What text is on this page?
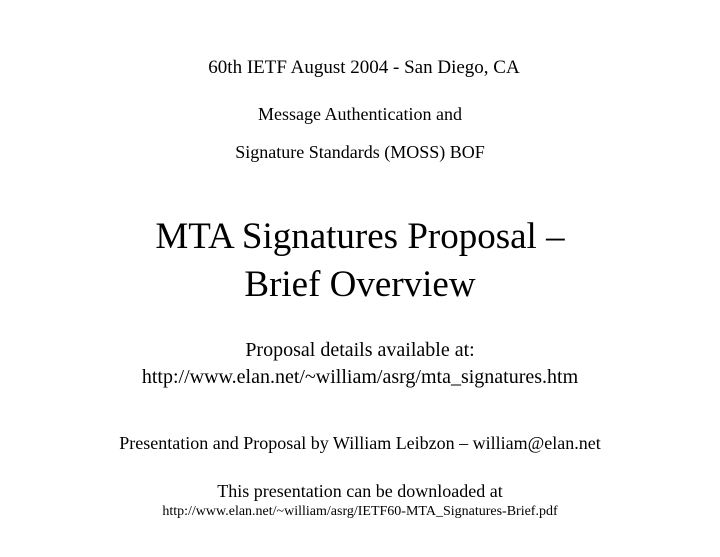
60th IETF August 2004 - San Diego, CA
Message Authentication and
Signature Standards (MOSS) BOF
MTA Signatures Proposal –
Brief Overview
Proposal details available at:
http://www.elan.net/~william/asrg/mta_signatures.htm
Presentation and Proposal by William Leibzon – william@elan.net
This presentation can be downloaded at
http://www.elan.net/~william/asrg/IETF60-MTA_Signatures-Brief.pdf
